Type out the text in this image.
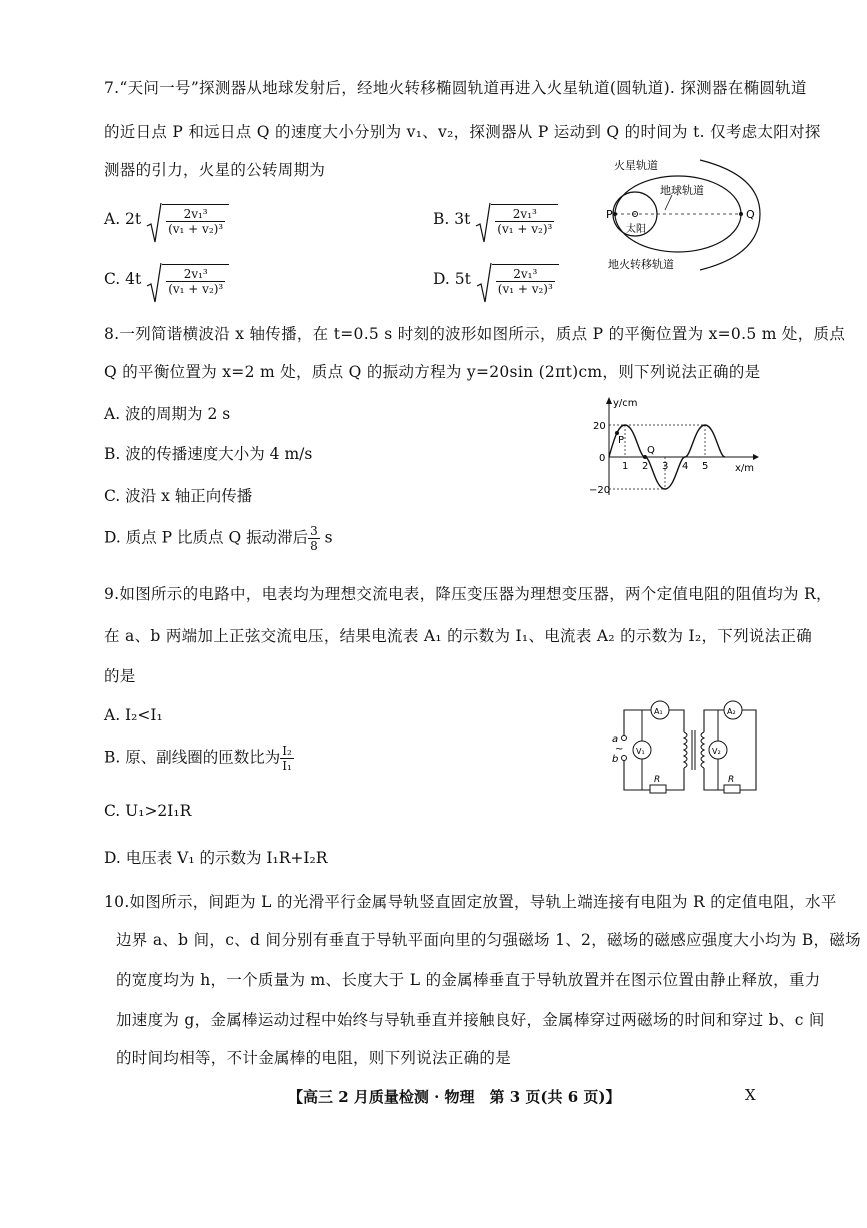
7.“天问一号”探测器从地球发射后，经地火转移椭圆轨道再进入火星轨道(圆轨道). 探测器在椭圆轨道
的近日点 P 和远日点 Q 的速度大小分别为 v₁、v₂，探测器从 P 运动到 Q 的时间为 t. 仅考虑太阳对探
测器的引力，火星的公转周期为
A. $2t \frac{\text{2v₁³}}{\text{(v₁ + v₂)³}}$	B. $3t \frac{\text{2v₁³}}{\text{(v₁ + v₂)³}}$
C. $4t \frac{\text{2v₁³}}{\text{(v₁ + v₂)³}}$	D. $5t \frac{\text{2v₁³}}{\text{(v₁ + v₂)³}}$
P	Q
火星轨道
地球轨道
太阳
地火转移轨道
8.一列简谐横波沿 x 轴传播，在 t=0.5 s 时刻的波形如图所示，质点 P 的平衡位置为 x=0.5 m 处，质点
Q 的平衡位置为 x=2 m 处，质点 Q 的振动方程为 y=20sin (2πt)cm，则下列说法正确的是
A. 波的周期为 2 s
B. 波的传播速度大小为 4 m/s
C. 波沿 x 轴正向传播
D. 质点 P 比质点 Q 振动滞后 $\frac{3}{8}$ s
y/cm
x/m
20
0
−20
1 2 3 4 5
P
Q
9.如图所示的电路中，电表均为理想交流电表，降压变压器为理想变压器，两个定值电阻的阻值均为 R，
在 a、b 两端加上正弦交流电压，结果电流表 A₁ 的示数为 I₁、电流表 A₂ 的示数为 I₂，下列说法正确
的是
A. I₂<I₁
B. 原、副线圈的匝数比为 $\frac{\text{I₂}}{\text{I₁}}$
C. U₁>2I₁R
D. 电压表 V₁ 的示数为 I₁R+I₂R
a
b
~
A₁	A₂
V₁	V₂
R	R
10.如图所示，间距为 L 的光滑平行金属导轨竖直固定放置，导轨上端连接有电阻为 R 的定值电阻，水平
边界 a、b 间，c、d 间分别有垂直于导轨平面向里的匀强磁场 1、2，磁场的磁感应强度大小均为 B，磁场
的宽度均为 h，一个质量为 m、长度大于 L 的金属棒垂直于导轨放置并在图示位置由静止释放，重力
加速度为 g，金属棒运动过程中始终与导轨垂直并接触良好，金属棒穿过两磁场的时间和穿过 b、c 间
的时间均相等，不计金属棒的电阻，则下列说法正确的是
【高三 2 月质量检测 · 物理　第 3 页(共 6 页)】	X
